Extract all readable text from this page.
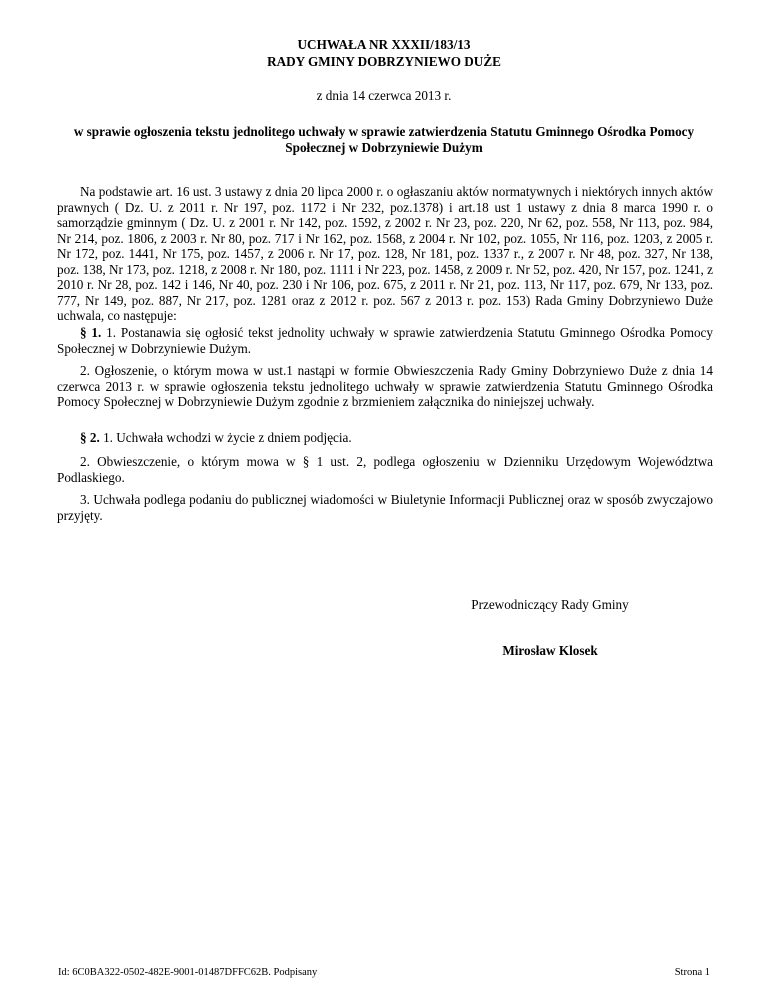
UCHWAŁA NR XXXII/183/13
RADY GMINY DOBRZYNIEWO DUŻE
z dnia 14 czerwca 2013 r.
w sprawie ogłoszenia tekstu jednolitego uchwały w sprawie zatwierdzenia Statutu Gminnego Ośrodka Pomocy Społecznej w Dobrzyniewie Dużym

Na podstawie art. 16 ust. 3 ustawy z dnia 20 lipca 2000 r. o ogłaszaniu aktów normatywnych i niektórych innych aktów prawnych ( Dz. U. z 2011 r. Nr 197, poz. 1172 i Nr 232, poz.1378) i art.18 ust 1 ustawy z dnia 8 marca 1990 r. o samorządzie gminnym ( Dz. U. z 2001 r. Nr 142, poz. 1592, z 2002 r. Nr 23, poz. 220, Nr 62, poz. 558, Nr 113, poz. 984, Nr 214, poz. 1806, z 2003 r. Nr 80, poz. 717 i Nr 162, poz. 1568, z 2004 r. Nr 102, poz. 1055, Nr 116, poz. 1203, z 2005 r. Nr 172, poz. 1441, Nr 175, poz. 1457, z 2006 r. Nr 17, poz. 128, Nr 181, poz. 1337 r., z 2007 r. Nr 48, poz. 327, Nr 138, poz. 138, Nr 173, poz. 1218, z 2008 r. Nr 180, poz. 1111 i Nr 223, poz. 1458, z 2009 r. Nr 52, poz. 420, Nr 157, poz. 1241, z 2010 r. Nr 28, poz. 142 i 146, Nr 40, poz. 230 i Nr 106, poz. 675, z 2011 r. Nr 21, poz. 113, Nr 117, poz. 679, Nr 133, poz. 777, Nr 149, poz. 887, Nr 217, poz. 1281 oraz z 2012 r. poz. 567 z 2013 r. poz. 153) Rada Gminy Dobrzyniewo Duże uchwala, co następuje:

§ 1. 1. Postanawia się ogłosić tekst jednolity uchwały w sprawie zatwierdzenia Statutu Gminnego Ośrodka Pomocy Społecznej w Dobrzyniewie Dużym.

2. Ogłoszenie, o którym mowa w ust.1 nastąpi w formie Obwieszczenia Rady Gminy Dobrzyniewo Duże z dnia 14 czerwca 2013 r. w sprawie ogłoszenia tekstu jednolitego uchwały w sprawie zatwierdzenia Statutu Gminnego Ośrodka Pomocy Społecznej w Dobrzyniewie Dużym zgodnie z brzmieniem załącznika do niniejszej uchwały.

§ 2. 1. Uchwała wchodzi w życie z dniem podjęcia.

2. Obwieszczenie, o którym mowa w § 1 ust. 2, podlega ogłoszeniu w Dzienniku Urzędowym Województwa Podlaskiego.

3. Uchwała podlega podaniu do publicznej wiadomości w Biuletynie Informacji Publicznej oraz w sposób zwyczajowo przyjęty.

Przewodniczący Rady Gminy
Mirosław Klosek
Id: 6C0BA322-0502-482E-9001-01487DFFC62B. Podpisany	Strona 1
